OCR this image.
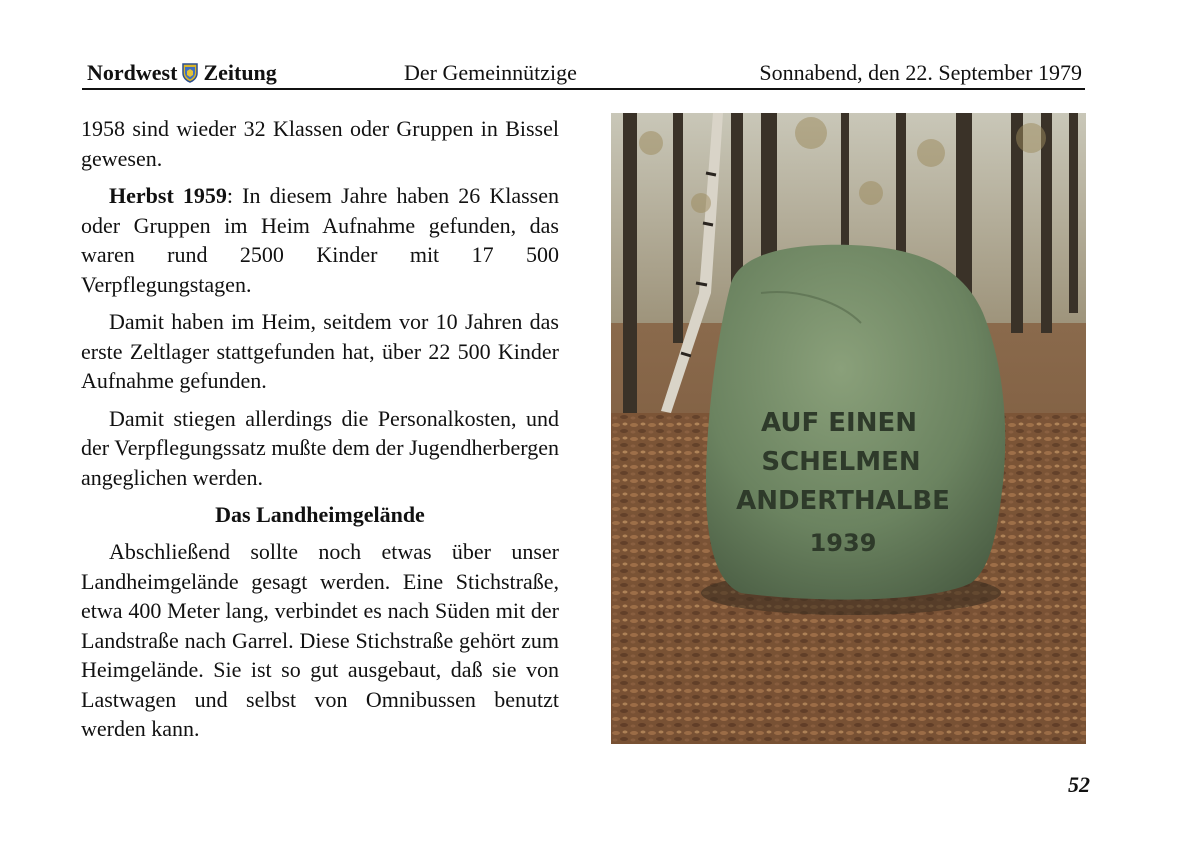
Nordwest Zeitung	Der Gemeinnützige	Sonnabend, den 22. September 1979

1958 sind wieder 32 Klassen oder Gruppen in Bissel gewesen.

Herbst 1959: In diesem Jahre haben 26 Klassen oder Gruppen im Heim Aufnahme gefunden, das waren rund 2500 Kinder mit 17 500 Verpflegungstagen.

Damit haben im Heim, seitdem vor 10 Jahren das erste Zeltlager stattgefunden hat, über 22 500 Kinder Aufnahme gefunden.

Damit stiegen allerdings die Personalkosten, und der Verpflegungssatz mußte dem der Jugendherbergen angeglichen werden.

Das Landheimgelände

Abschließend sollte noch etwas über unser Landheimgelände gesagt werden. Eine Stichstraße, etwa 400 Meter lang, verbindet es nach Süden mit der Landstraße nach Garrel. Diese Stichstraße gehört zum Heimgelände. Sie ist so gut ausgebaut, daß sie von Lastwagen und selbst von Omnibussen benutzt werden kann.

AUF EINEN
SCHELMEN
ANDERTHALBE
1939
52
